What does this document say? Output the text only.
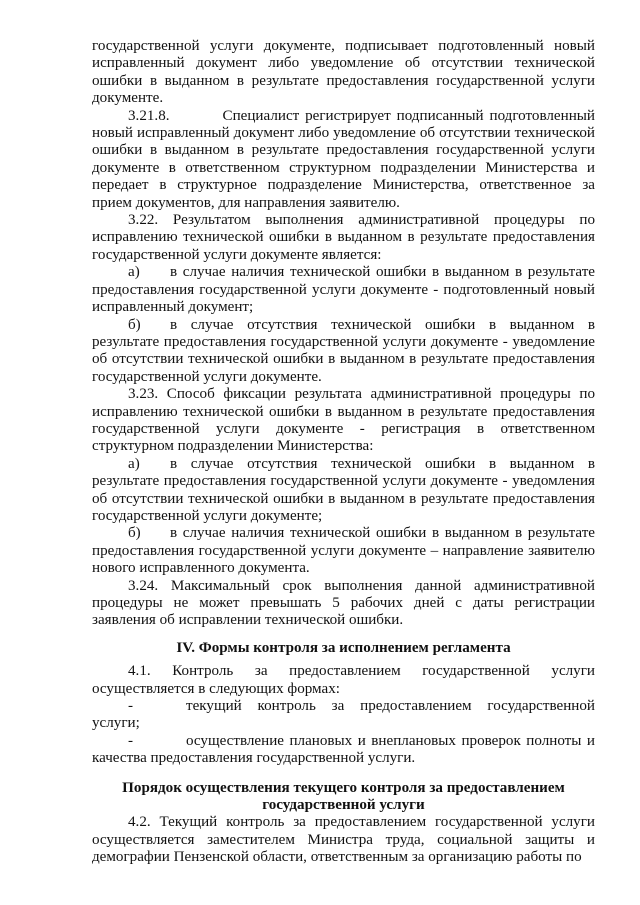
государственной услуги документе, подписывает подготовленный новый исправленный документ либо уведомление об отсутствии технической ошибки в выданном в результате предоставления государственной услуги документе.

3.21.8.	Специалист регистрирует подписанный подготовленный новый исправленный документ либо уведомление об отсутствии технической ошибки в выданном в результате предоставления государственной услуги документе в ответственном структурном подразделении Министерства и передает в структурное подразделение Министерства, ответственное за прием документов, для направления заявителю.

3.22. Результатом выполнения административной процедуры по исправлению технической ошибки в выданном в результате предоставления государственной услуги документе является:

а) в случае наличия технической ошибки в выданном в результате предоставления государственной услуги документе - подготовленный новый исправленный документ;

б) в случае отсутствия технической ошибки в выданном в результате предоставления государственной услуги документе - уведомление об отсутствии технической ошибки в выданном в результате предоставления государственной услуги документе.

3.23. Способ фиксации результата административной процедуры по исправлению технической ошибки в выданном в результате предоставления государственной услуги документе - регистрация в ответственном структурном подразделении Министерства:

а) в случае отсутствия технической ошибки в выданном в результате предоставления государственной услуги документе - уведомления об отсутствии технической ошибки в выданном в результате предоставления государственной услуги документе;

б) в случае наличия технической ошибки в выданном в результате предоставления государственной услуги документе – направление заявителю нового исправленного документа.

3.24. Максимальный срок выполнения данной административной процедуры не может превышать 5 рабочих дней с даты регистрации заявления об исправлении технической ошибки.

IV. Формы контроля за исполнением регламента

4.1. Контроль за предоставлением государственной услуги осуществляется в следующих формах:

-	текущий контроль за предоставлением государственной услуги;

-	осуществление плановых и внеплановых проверок полноты и качества предоставления государственной услуги.

Порядок осуществления текущего контроля за предоставлением

государственной услуги

4.2. Текущий контроль за предоставлением государственной услуги осуществляется заместителем Министра труда, социальной защиты и демографии Пензенской области, ответственным за организацию работы по
